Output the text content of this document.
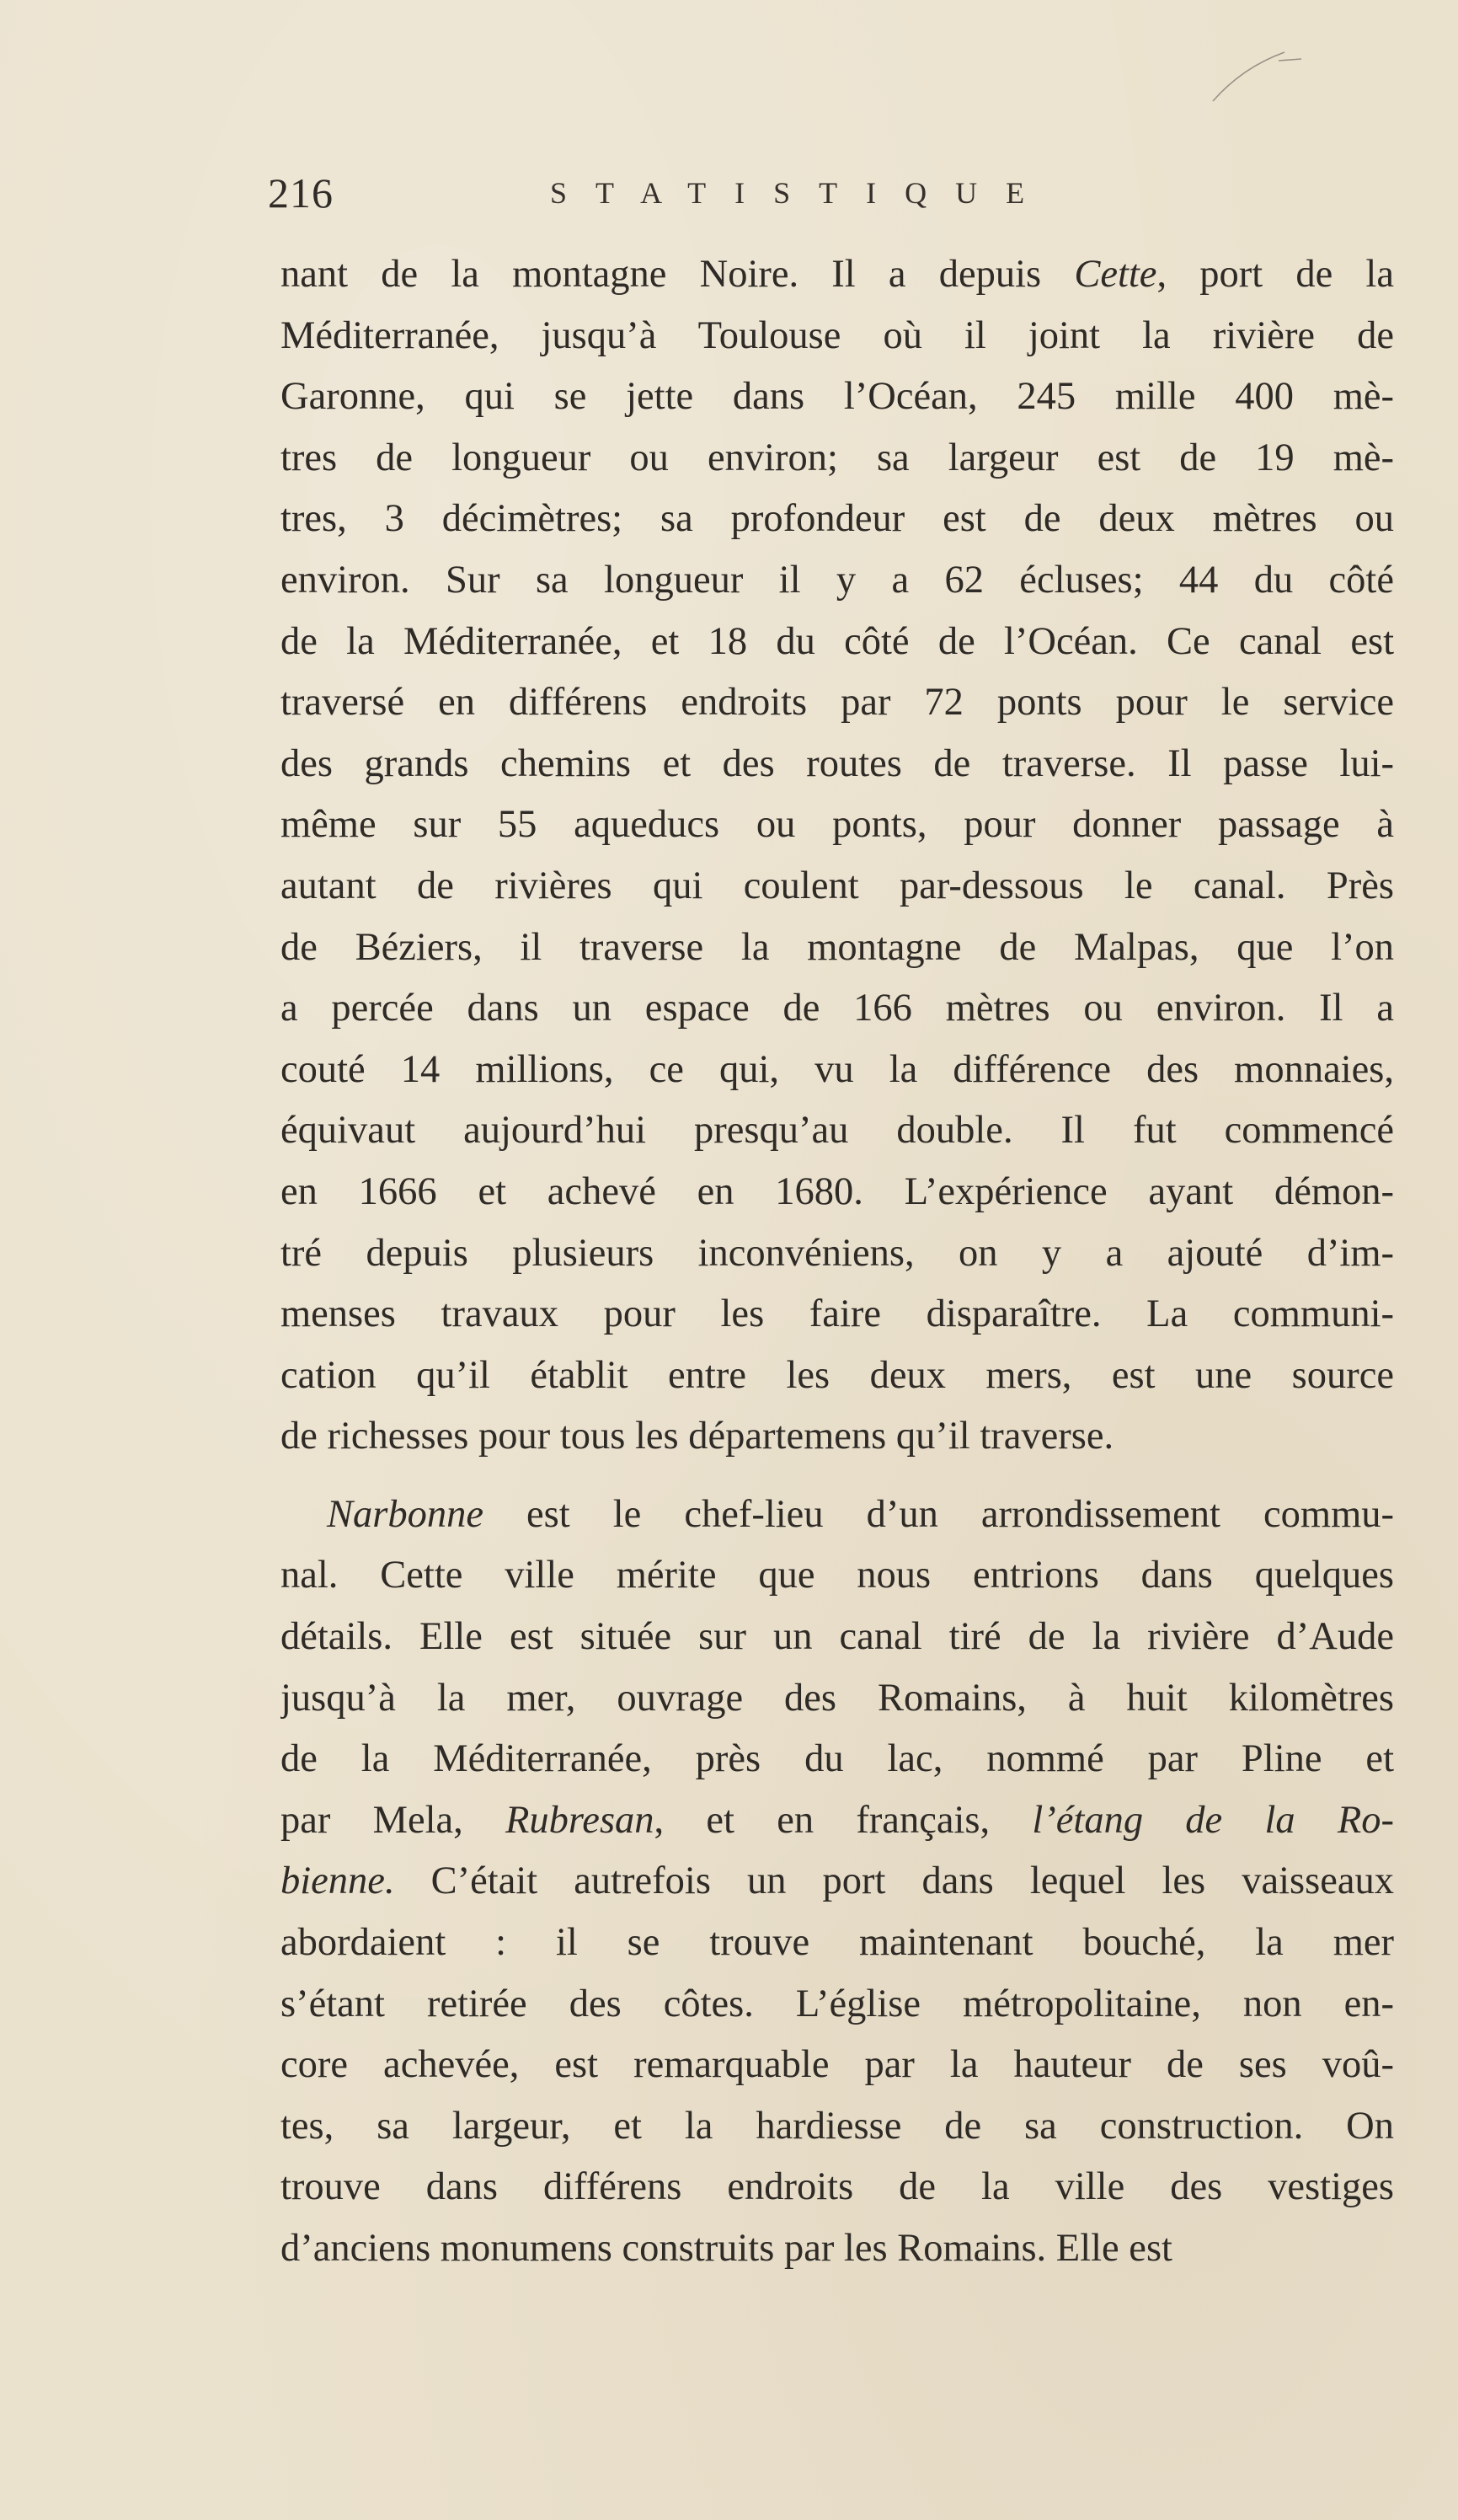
216	STATISTIQUE
nant de la montagne Noire. Il a depuis Cette, port de la
Méditerranée, jusqu’à Toulouse où il joint la rivière de
Garonne, qui se jette dans l’Océan, 245 mille 400 mè-
tres de longueur ou environ; sa largeur est de 19 mè-
tres, 3 décimètres; sa profondeur est de deux mètres ou
environ. Sur sa longueur il y a 62 écluses; 44 du côté
de la Méditerranée, et 18 du côté de l’Océan. Ce canal est
traversé en différens endroits par 72 ponts pour le service
des grands chemins et des routes de traverse. Il passe lui-
même sur 55 aqueducs ou ponts, pour donner passage à
autant de rivières qui coulent par-dessous le canal. Près
de Béziers, il traverse la montagne de Malpas, que l’on
a percée dans un espace de 166 mètres ou environ. Il a
couté 14 millions, ce qui, vu la différence des monnaies,
équivaut aujourd’hui presqu’au double. Il fut commencé
en 1666 et achevé en 1680. L’expérience ayant démon-
tré depuis plusieurs inconvéniens, on y a ajouté d’im-
menses travaux pour les faire disparaître. La communi-
cation qu’il établit entre les deux mers, est une source
de richesses pour tous les départemens qu’il traverse.
Narbonne est le chef-lieu d’un arrondissement commu-
nal. Cette ville mérite que nous entrions dans quelques
détails. Elle est située sur un canal tiré de la rivière d’Aude
jusqu’à la mer, ouvrage des Romains, à huit kilomètres
de la Méditerranée, près du lac, nommé par Pline et
par Mela, Rubresan, et en français, l’étang de la Ro-
bienne. C’était autrefois un port dans lequel les vaisseaux
abordaient : il se trouve maintenant bouché, la mer
s’étant retirée des côtes. L’église métropolitaine, non en-
core achevée, est remarquable par la hauteur de ses voû-
tes, sa largeur, et la hardiesse de sa construction. On
trouve dans différens endroits de la ville des vestiges
d’anciens monumens construits par les Romains. Elle est
